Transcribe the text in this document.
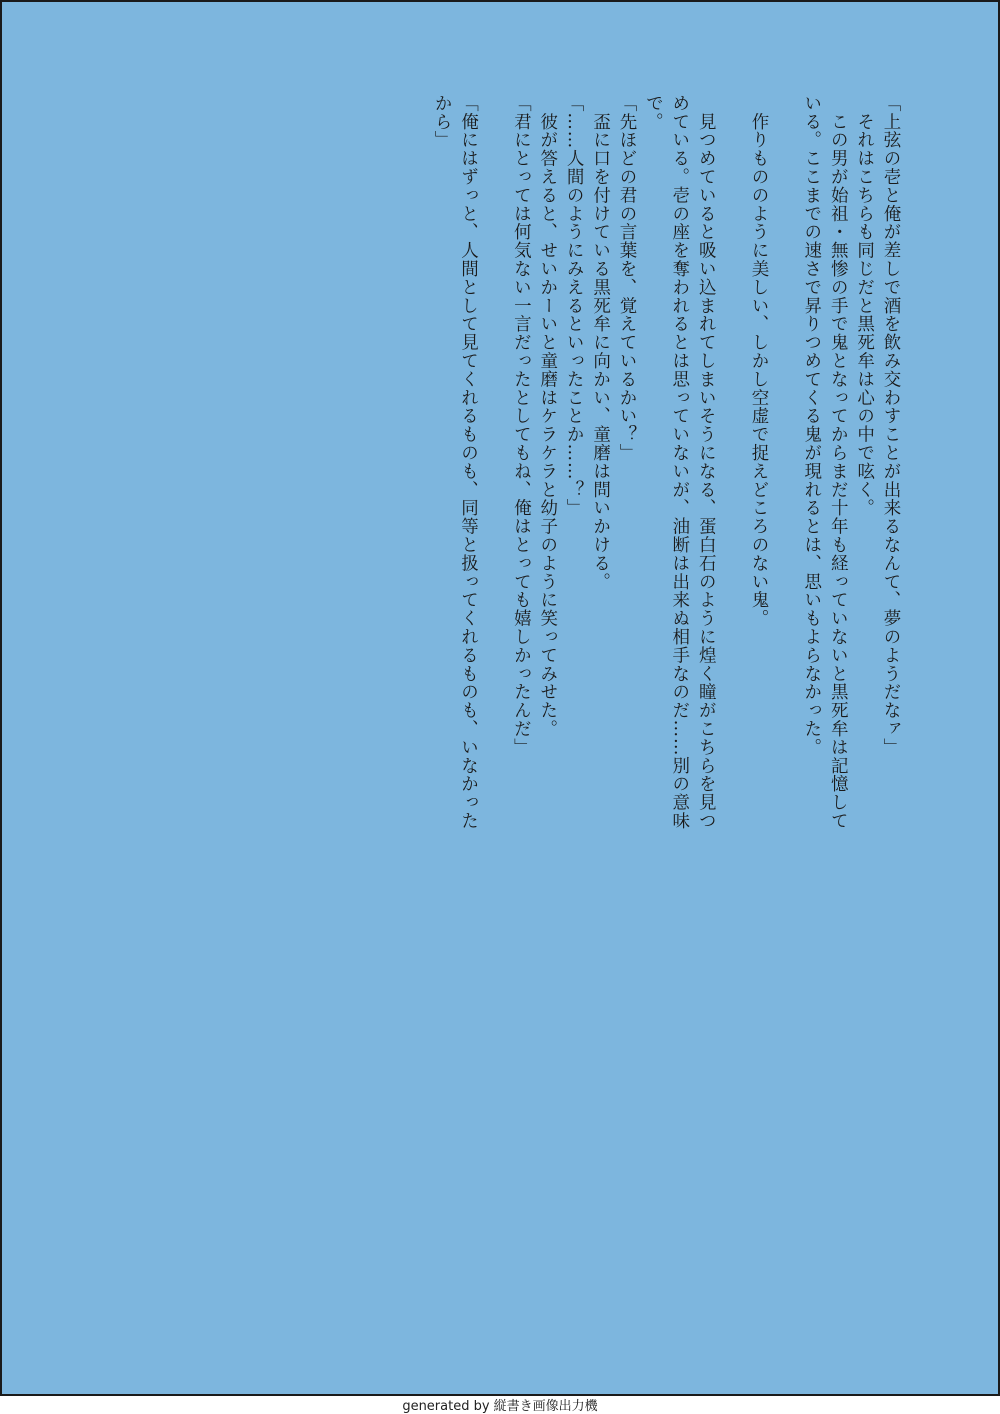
「上弦の壱と俺が差しで酒を飲み交わすことが出来るなんて、夢のようだなァ」

　それはこちらも同じだと黒死牟は心の中で呟く。

　この男が始祖・無惨の手で鬼となってからまだ十年も経っていないと黒死牟は記憶している。ここまでの速さで昇りつめてくる鬼が現れるとは、思いもよらなかった。

　作りもののように美しい、しかし空虚で捉えどころのない鬼。

　見つめていると吸い込まれてしまいそうになる、蛋白石のように煌く瞳がこちらを見つめている。壱の座を奪われるとは思っていないが、油断は出来ぬ相手なのだ……別の意味で。

「先ほどの君の言葉を、覚えているかい？」

　盃に口を付けている黒死牟に向かい、童磨は問いかける。

「……人間のようにみえるといったことか……？」

　彼が答えると、せいかーいと童磨はケラケラと幼子のように笑ってみせた。

「君にとっては何気ない一言だったとしてもね、俺はとっても嬉しかったんだ」

「俺にはずっと、人間として見てくれるものも、同等と扱ってくれるものも、いなかったから」

generated by 縦書き画像出力機
